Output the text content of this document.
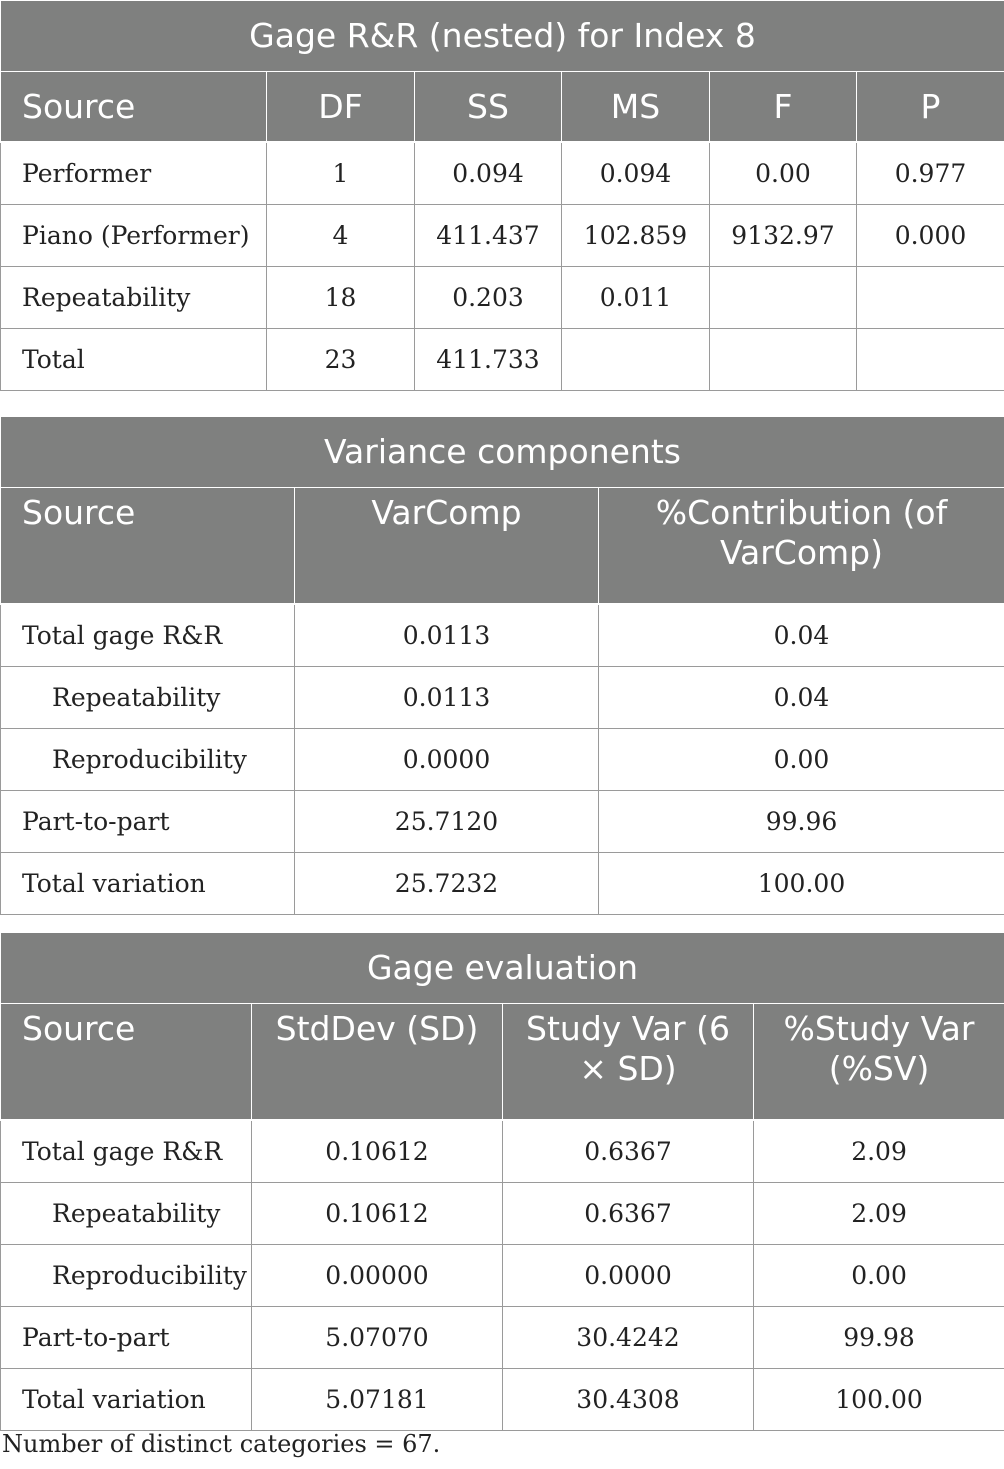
Gage R&R (nested) for Index 8					
Source	DF	SS	MS	F	P
Performer	1	0.094	0.094	0.00	0.977
Piano (Performer)	4	411.437	102.859	9132.97	0.000
Repeatability	18	0.203	0.011		
Total	23	411.733			
Variance components		
Source	VarComp	%Contribution (of VarComp)
Total gage R&R	0.0113	0.04
Repeatability	0.0113	0.04
Reproducibility	0.0000	0.00
Part-to-part	25.7120	99.96
Total variation	25.7232	100.00
Gage evaluation			
Source	StdDev (SD)	Study Var (6 × SD)	%Study Var (%SV)
Total gage R&R	0.10612	0.6367	2.09
Repeatability	0.10612	0.6367	2.09
Reproducibility	0.00000	0.0000	0.00
Part-to-part	5.07070	30.4242	99.98
Total variation	5.07181	30.4308	100.00

Number of distinct categories = 67.
